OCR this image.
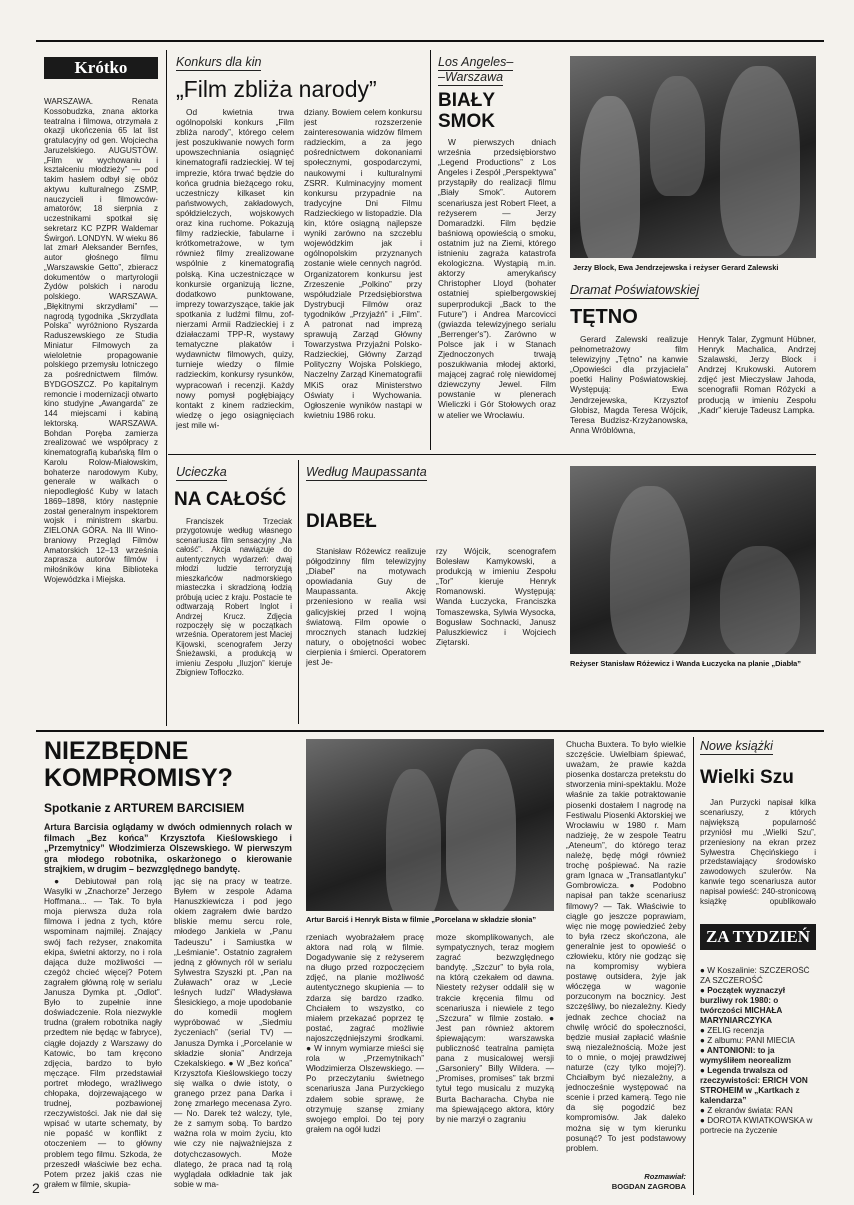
Krótko

WARSZAWA. Renata Kossobudzka, znana aktorka teatralna i filmowa, otrzymała z okazji ukończenia 65 lat list gratulacyjny od gen. Wojciecha Jaruzelskiego. AUGUSTÓW. „Film w wychowaniu i kształceniu młodzieży” — pod takim hasłem odbył się obóz aktywu kulturalnego ZSMP, nauczycieli i filmowców-amatorów; 18 sierpnia z uczestnikami spotkał się sekretarz KC PZPR Waldemar Świrgoń. LONDYN. W wieku 86 lat zmarł Aleksander Bernfes, autor głośnego filmu „Warszawskie Getto”, zbieracz dokumentów o martyrologii Żydów polskich i narodu polskiego. WARSZAWA. „Błękitnymi skrzydłami” — nagrodą tygodnika „Skrzydlata Polska” wyróżniono Ryszarda Raduszewskiego ze Studia Miniatur Filmowych za wieloletnie propagowanie polskiego przemysłu lotniczego za pośrednictwem filmów. BYDGOSZCZ. Po kapitalnym remoncie i modernizacji otwarto kino studyjne „Awangarda” ze 144 miejscami i kabiną lektorską. WARSZAWA. Bohdan Poręba zamierza zrealizować we współpracy z kinematografią kubańską film o Karolu Rolow-Miałowskim, bohaterze narodowym Kuby, generale w walkach o niepodległość Kuby w latach 1869–1898, który następnie został generalnym inspektorem wojsk i ministrem skarbu. ZIELONA GÓRA. Na III Winobraniowy Przegląd Filmów Amatorskich 12–13 września zaprasza autorów filmów i miłośników kina Biblioteka Wojewódzka i Miejska.

Konkurs dla kin
„Film zbliża narody”

Od kwietnia trwa ogólnopolski konkurs „Film zbliża narody”, którego celem jest poszukiwanie nowych form upowszechniania osiągnięć kinematografii radzieckiej. W tej imprezie, która trwać będzie do końca grudnia bieżącego roku, uczestniczy kilkaset kin państwowych, zakładowych, spółdzielczych, wojskowych oraz kina ruchome. Pokazują filmy radzieckie, fabularne i krótkometrażowe, w tym również filmy zrealizowane wspólnie z kinematografią polską. Kina uczestniczące w konkursie organizują liczne, dodatkowo punktowane, imprezy towarzyszące, takie jak spotkania z ludźmi filmu, zofnierzami Armii Radzieckiej i z działaczami TPP-R, wystawy tematyczne plakatów i wydawnictw filmowych, quizy, turnieje wiedzy o filmie radzieckim, konkursy rysunków, wypracowań i recenzji. Każdy nowy pomysł pogłębiający kontakt z kinem radzieckim, wiedzę o jego osiągnięciach jest mile wi-

dziany. Bowiem celem konkursu jest rozszerzenie zainteresowania widzów filmem radzieckim, a za jego pośrednictwem dokonaniami społecznymi, gospodarczymi, naukowymi i kulturalnymi ZSRR. Kulminacyjny moment konkursu przypadnie na tradycyjne Dni Filmu Radzieckiego w listopadzie. Dla kin, które osiągną najlepsze wyniki zarówno na szczeblu wojewódzkim jak i ogólnopolskim przyznanych zostanie wiele cennych nagród. Organizatorem konkursu jest Zrzeszenie „Polkino” przy współudziale Przedsiębiorstwa Dystrybucji Filmów oraz tygodników „Przyjaźń” i „Film”. A patronat nad imprezą sprawują Zarząd Główny Towarzystwa Przyjaźni Polsko-Radzieckiej, Główny Zarząd Polityczny Wojska Polskiego, Naczelny Zarząd Kinematografii MKiS oraz Ministerstwo Oświaty i Wychowania. Ogłoszenie wyników nastąpi w kwietniu 1986 roku.

Los Angeles–
–Warszawa
BIAŁY SMOK

W pierwszych dniach września przedsiębiorstwo „Legend Productions” z Los Angeles i Zespół „Perspektywa” przystąpiły do realizacji filmu „Biały Smok”. Autorem scenariusza jest Robert Fleet, a reżyserem — Jerzy Domaradzki. Film będzie baśniową opowieścią o smoku, ostatnim już na Ziemi, którego istnieniu zagraża katastrofa ekologiczna. Wystąpią m.in. aktorzy amerykańscy Christopher Lloyd (bohater ostatniej spielbergowskiej superprodukcji „Back to the Future”) i Andrea Marcovicci (gwiazda telewizyjnego serialu „Berrenger's”). Zarówno w Polsce jak i w Stanach Zjednoczonych trwają poszukiwania młodej aktorki, mającej zagrać rolę niewidomej dziewczyny Jewel. Film powstanie w plenerach Wieliczki i Gór Stołowych oraz w atelier we Wrocławiu.

Jerzy Block, Ewa Jendrzejewska i reżyser Gerard Zalewski
Dramat Poświatowskiej
TĘTNO

Gerard Zalewski realizuje pełnometrażowy film telewizyjny „Tętno” na kanwie „Opowieści dla przyjaciela” poetki Haliny Poświatowskiej. Występują: Ewa Jendrzejewska, Krzysztof Globisz, Magda Teresa Wójcik, Teresa Budzisz-Krzyżanowska, Anna Wróblówna,

Henryk Talar, Zygmunt Hübner, Henryk Machalica, Andrzej Szalawski, Jerzy Block i Andrzej Krukowski. Autorem zdjęć jest Mieczysław Jahoda, scenografii Roman Różycki a producją w imieniu Zespołu „Kadr” kieruje Tadeusz Lampka.

Ucieczka
NA CAŁOŚĆ

Franciszek Trzeciak przygotowuje według własnego scenariusza film sensacyjny „Na całość”. Akcja nawiązuje do autentycznych wydarzeń: dwaj młodzi ludzie terroryzują mieszkańców nadmorskiego miasteczka i skradzioną łodzią próbują uciec z kraju. Postacie te odtwarzają Robert Inglot i Andrzej Krucz. Zdjęcia rozpoczęły się w początkach września. Operatorem jest Maciej Kijowski, scenografem Jerzy Śnieżawski, a produkcją w imieniu Zespołu „Iluzjon” kieruje Zbigniew Tofłoczko.

Według Maupassanta
DIABEŁ

Stanisław Różewicz realizuje półgodzinny film telewizyjny „Diabeł” na motywach opowiadania Guy de Maupassanta. Akcję przeniesiono w realia wsi galicyjskiej przed I wojną światową. Film opowie o mrocznych stanach ludzkiej natury, o obojętności wobec cierpienia i śmierci. Operatorem jest Je-

rzy Wójcik, scenografem Bolesław Kamykowski, a produkcją w imieniu Zespołu „Tor” kieruje Henryk Romanowski. Występują: Wanda Łuczycka, Franciszka Tomaszewska, Sylwia Wysocka, Bogusław Sochnacki, Janusz Paluszkiewicz i Wojciech Ziętarski.

Reżyser Stanisław Różewicz i Wanda Łuczycka na planie „Diabła”
NIEZBĘDNE
KOMPROMISY?
Spotkanie z ARTUREM BARCISIEM
Artura Barcisia oglądamy w dwóch odmiennych rolach w filmach „Bez końca” Krzysztofa Kieślowskiego i „Przemytnicy” Włodzimierza Olszewskiego. W pierwszym gra młodego robotnika, oskarżonego o kierowanie strajkiem, w drugim – bezwzględnego bandytę.

● Debiutował pan rolą Wasylki w „Znachorze” Jerzego Hoffmana... — Tak. To była moja pierwsza duża rola filmowa i jedna z tych, które wspominam najmilej. Znający swój fach reżyser, znakomita ekipa, świetni aktorzy, no i rola dająca duże możliwości — czegóż chcieć więcej? Potem zagrałem główną rolę w serialu Janusza Dymka pt. „Odlot”. Było to zupełnie inne doświadczenie. Rola niezwykle trudna (grałem robotnika nagły przedtem nie będąc w fabryce), ciągłe dojazdy z Warszawy do Katowic, bo tam kręcono zdjęcia, bardzo to było męczące. Film przedstawiał portret młodego, wrażliwego chłopaka, dojrzewającego w trudnej, pozbawionej rzeczywistości. Jak nie dał się wpisać w utarte schematy, by nie popaść w konflikt z otoczeniem — to główny problem tego filmu. Szkoda, że przeszedł właściwie bez echa. Potem przez jakiś czas nie grałem w filmie, skupia-

jąc się na pracy w teatrze. Byłem w zespole Adama Hanuszkiewicza i pod jego okiem zagrałem dwie bardzo bliskie memu sercu role, młodego Jankiela w „Panu Tadeuszu” i Samiustka w „Leśmianie”. Ostatnio zagrałem jedną z głównych ról w serialu Sylwestra Szyszki pt. „Pan na Żuławach” oraz w „Lecie leśnych ludzi” Władysława Ślesickiego, a moje upodobanie do komedii mogłem wypróbować w „Siedmiu życzeniach” (serial TV) — Janusza Dymka i „Porcelanie w składzie słonia” Andrzeja Czekalskiego. ● W „Bez końca” Krzysztofa Kieślowskiego toczy się walka o dwie istoty, o granego przez pana Darka i żonę zmarłego mecenasa Zyro. — No. Darek też walczy, tyle, że z samym sobą. To bardzo ważna rola w moim życiu, kto wie czy nie najważniejsza z dotychczasowych. Może dlatego, że praca nad tą rolą wyglądała odkładnie tak jak sobie w ma-

Artur Barciś i Henryk Bista w filmie „Porcelana w składzie słonia”

rzeniach wyobrażałem pracę aktora nad rolą w filmie. Dogadywanie się z reżyserem na długo przed rozpoczęciem zdjęć, na planie możliwość autentycznego skupienia — to zdarza się bardzo rzadko. Chciałem to wszystko, co miałem przekazać poprzez tę postać, zagrać możliwie najoszczędniejszymi środkami. ● W innym wymiarze mieści się rola w „Przemytnikach” Włodzimierza Olszewskiego. — Po przeczytaniu świetnego scenariusza Jana Purzyckiego zdałem sobie sprawę, że otrzymuję szansę zmiany swojego emploi. Do tej pory grałem na ogół ludzi

moze skomplikowanych, ale sympatycznych, teraz mogłem zagrać bezwzględnego bandytę. „Szczur” to była rola, na którą czekałem od dawna. Niestety reżyser oddalił się w trakcie kręcenia filmu od scenariusza i niewiele z tego „Szczura” w filmie zostało. ● Jest pan również aktorem śpiewającym: warszawska publiczność teatralna pamięta pana z musicalowej wersji „Garsoniery” Billy Wildera. — „Promises, promises” tak brzmi tytuł tego musicalu z muzyką Burta Bacharacha. Chyba nie ma śpiewającego aktora, który by nie marzył o zagraniu

Chucha Buxtera. To było wielkie szczęście. Uwielbiam śpiewać, uważam, że prawie każda piosenka dostarcza pretekstu do stworzenia mini-spektaklu. Może właśnie za takie potraktowanie piosenki dostałem I nagrodę na Festiwalu Piosenki Aktorskiej we Wrocławiu w 1980 r. Mam nadzieję, że w zespole Teatru „Ateneum”, do którego teraz należę, będę mógł również trochę pośpiewać. Na razie gram Ignaca w „Transatlantyku” Gombrowicza. ● Podobno napisał pan także scenariusz filmowy? — Tak. Właściwie to ciągle go jeszcze poprawiam, więc nie mogę powiedzieć żeby to była rzecz skończona, ale generalnie jest to opowieść o człowieku, który nie godząc się na kompromisy wybiera postawę outsidera, żyje jak włóczęga w wagonie porzuconym na bocznicy. Jest szczęśliwy, bo niezależny. Kiedy jednak zechce chociaż na chwilę wrócić do społeczności, będzie musiał zapłacić właśnie swą niezależnością. Może jest to o mnie, o mojej prawdziwej naturze (czy tylko mojej?). Chciałbym być niezależny, a jednocześnie występować na scenie i przed kamerą. Tego nie da się pogodzić bez kompromisów. Jak daleko można się w tym kierunku posunąć? To jest podstawowy problem.

Rozmawiał:
BOGDAN ZAGROBA
Nowe książki
Wielki Szu

Jan Purzycki napisał kilka scenariuszy, z których największą popularność przyniósł mu „Wielki Szu”, przeniesiony na ekran przez Sylwestra Chęcińskiego i przedstawiający środowisko zawodowych szulerów. Na kanwie tego scenariusza autor napisał powieść: 240-stronicową książkę opublikowało

ZA TYDZIEŃ
● W Koszalinie: SZCZEROŚĆ ZA SZCZEROŚĆ
● Początek wyznaczył burzliwy rok 1980: o twórczości MICHAŁA MARYNIARCZYKA
● ZELIG recenzja
● Z albumu: PANI MIECIA
● ANTONIONI: to ja wymyśliłem neorealizm
● Legenda trwalsza od rzeczywistości: ERICH VON STROHEIM w „Kartkach z kalendarza”
● Z ekranów świata: RAN
● DOROTA KWIATKOWSKA w portrecie na życzenie
2
